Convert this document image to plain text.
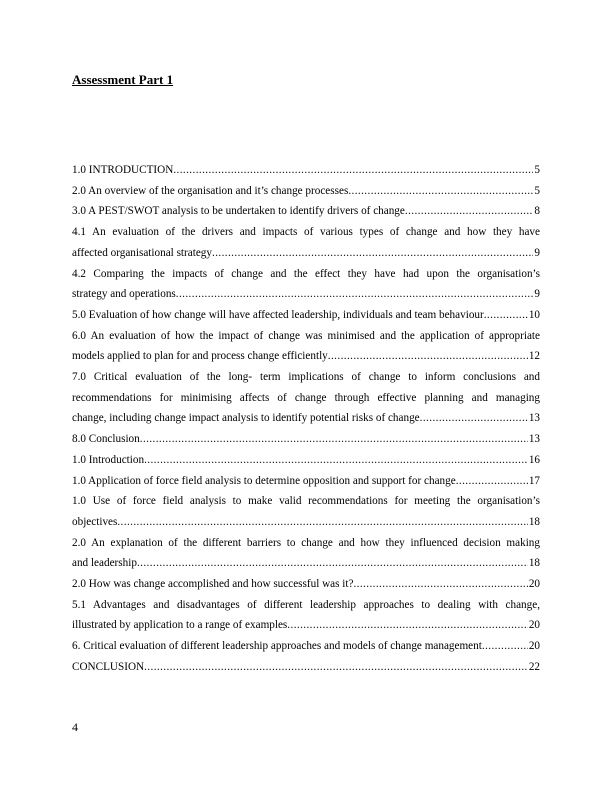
Assessment Part 1
1.0 INTRODUCTION .....	5
2.0 An overview of the organisation and it’s change processes .....	5
3.0 A PEST/SWOT analysis to be undertaken to identify drivers of change .....	8
4.1 An evaluation of the drivers and impacts of various types of change and how they have
affected organisational strategy .....	9
4.2 Comparing the impacts of change and the effect they have had upon the organisation’s
strategy and operations .....	9
5.0 Evaluation of how change will have affected leadership, individuals and team behaviour .....	10
6.0 An evaluation of how the impact of change was minimised and the application of appropriate
models applied to plan for and process change efficiently .....	12
7.0 Critical evaluation of the long- term implications of change to inform conclusions and
recommendations for minimising affects of change through effective planning and managing
change, including change impact analysis to identify potential risks of change .....	13
8.0 Conclusion .....	13
1.0 Introduction .....	16
1.0 Application of force field analysis to determine opposition and support for change .....	17
1.0 Use of force field analysis to make valid recommendations for meeting the organisation’s
objectives .....	18
2.0 An explanation of the different barriers to change and how they influenced decision making
and leadership .....	18
2.0 How was change accomplished and how successful was it? .....	20
5.1 Advantages and disadvantages of different leadership approaches to dealing with change,
illustrated by application to a range of examples .....	20
6. Critical evaluation of different leadership approaches and models of change management .....	20
CONCLUSION .....	22

4
